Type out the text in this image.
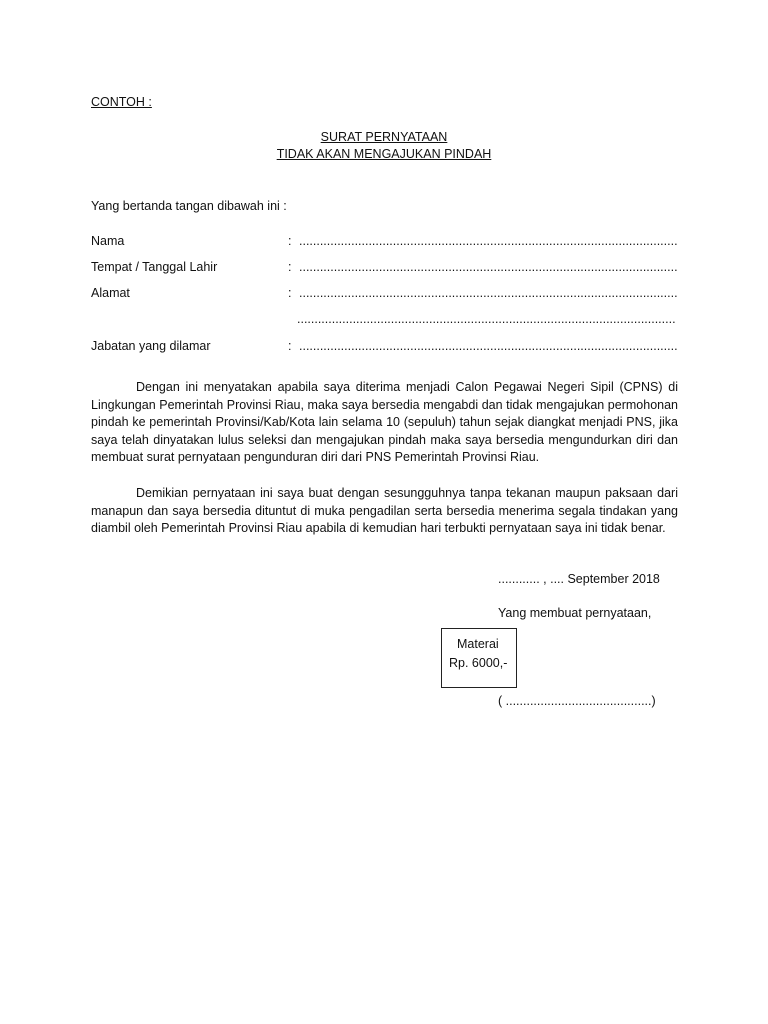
CONTOH :
SURAT PERNYATAAN
TIDAK AKAN MENGAJUKAN PINDAH
Yang bertanda tangan dibawah ini :
Nama	: .............................................................................................................
Tempat / Tanggal Lahir	: .............................................................................................................
Alamat	: .............................................................................................................
.............................................................................................................
Jabatan yang dilamar	: .............................................................................................................

Dengan ini menyatakan apabila saya diterima menjadi Calon Pegawai Negeri Sipil (CPNS) di Lingkungan Pemerintah Provinsi Riau, maka saya bersedia mengabdi dan tidak mengajukan permohonan pindah ke pemerintah Provinsi/Kab/Kota lain selama 10 (sepuluh) tahun sejak diangkat menjadi PNS, jika saya telah dinyatakan lulus seleksi dan mengajukan pindah maka saya bersedia mengundurkan diri dan membuat surat pernyataan pengunduran diri dari PNS Pemerintah Provinsi Riau.

Demikian pernyataan ini saya buat dengan sesungguhnya tanpa tekanan maupun paksaan dari manapun dan saya bersedia dituntut di muka pengadilan serta bersedia menerima segala tindakan yang diambil oleh Pemerintah Provinsi Riau apabila di kemudian hari terbukti pernyataan saya ini tidak benar.

............ , .... September 2018
Yang membuat pernyataan,
Materai
Rp. 6000,-
( ..........................................)
